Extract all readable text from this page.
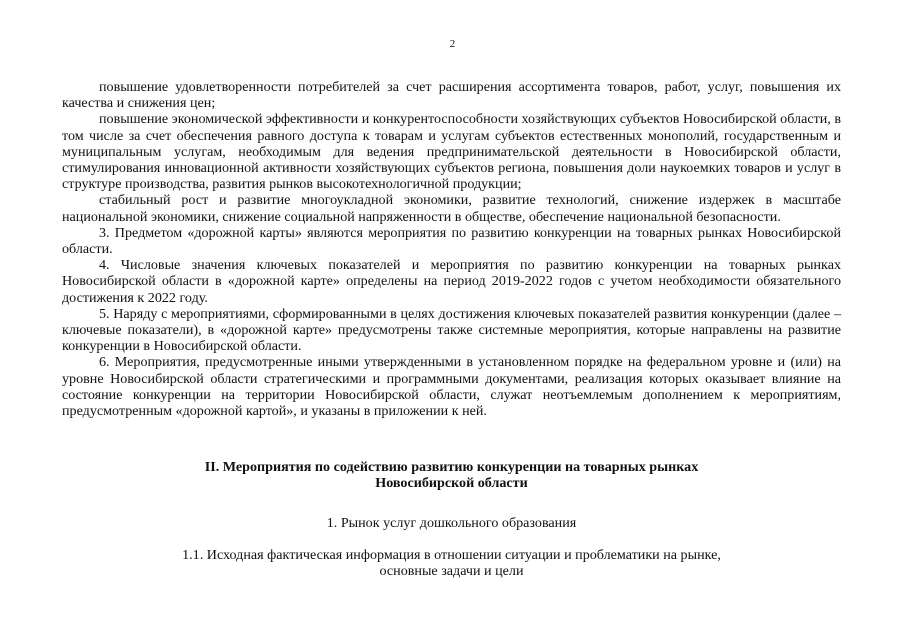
2

повышение удовлетворенности потребителей за счет расширения ассортимента товаров, работ, услуг, повышения их качества и снижения цен;

повышение экономической эффективности и конкурентоспособности хозяйствующих субъектов Новосибирской области, в том числе за счет обеспечения равного доступа к товарам и услугам субъектов естественных монополий, государственным и муниципальным услугам, необходимым для ведения предпринимательской деятельности в Новосибирской области, стимулирования инновационной активности хозяйствующих субъектов региона, повышения доли наукоемких товаров и услуг в структуре производства, развития рынков высокотехнологичной продукции;

стабильный рост и развитие многоукладной экономики, развитие технологий, снижение издержек в масштабе национальной экономики, снижение социальной напряженности в обществе, обеспечение национальной безопасности.

3. Предметом «дорожной карты» являются мероприятия по развитию конкуренции на товарных рынках Новосибирской области.

4. Числовые значения ключевых показателей и мероприятия по развитию конкуренции на товарных рынках Новосибирской области в «дорожной карте» определены на период 2019-2022 годов с учетом необходимости обязательного достижения к 2022 году.

5. Наряду с мероприятиями, сформированными в целях достижения ключевых показателей развития конкуренции (далее – ключевые показатели), в «дорожной карте» предусмотрены также системные мероприятия, которые направлены на развитие конкуренции в Новосибирской области.

6. Мероприятия, предусмотренные иными утвержденными в установленном порядке на федеральном уровне и (или) на уровне Новосибирской области стратегическими и программными документами, реализация которых оказывает влияние на состояние конкуренции на территории Новосибирской области, служат неотъемлемым дополнением к мероприятиям, предусмотренным «дорожной картой», и указаны в приложении к ней.

II. Мероприятия по содействию развитию конкуренции на товарных рынках
Новосибирской области
1. Рынок услуг дошкольного образования
1.1. Исходная фактическая информация в отношении ситуации и проблематики на рынке,
основные задачи и цели
